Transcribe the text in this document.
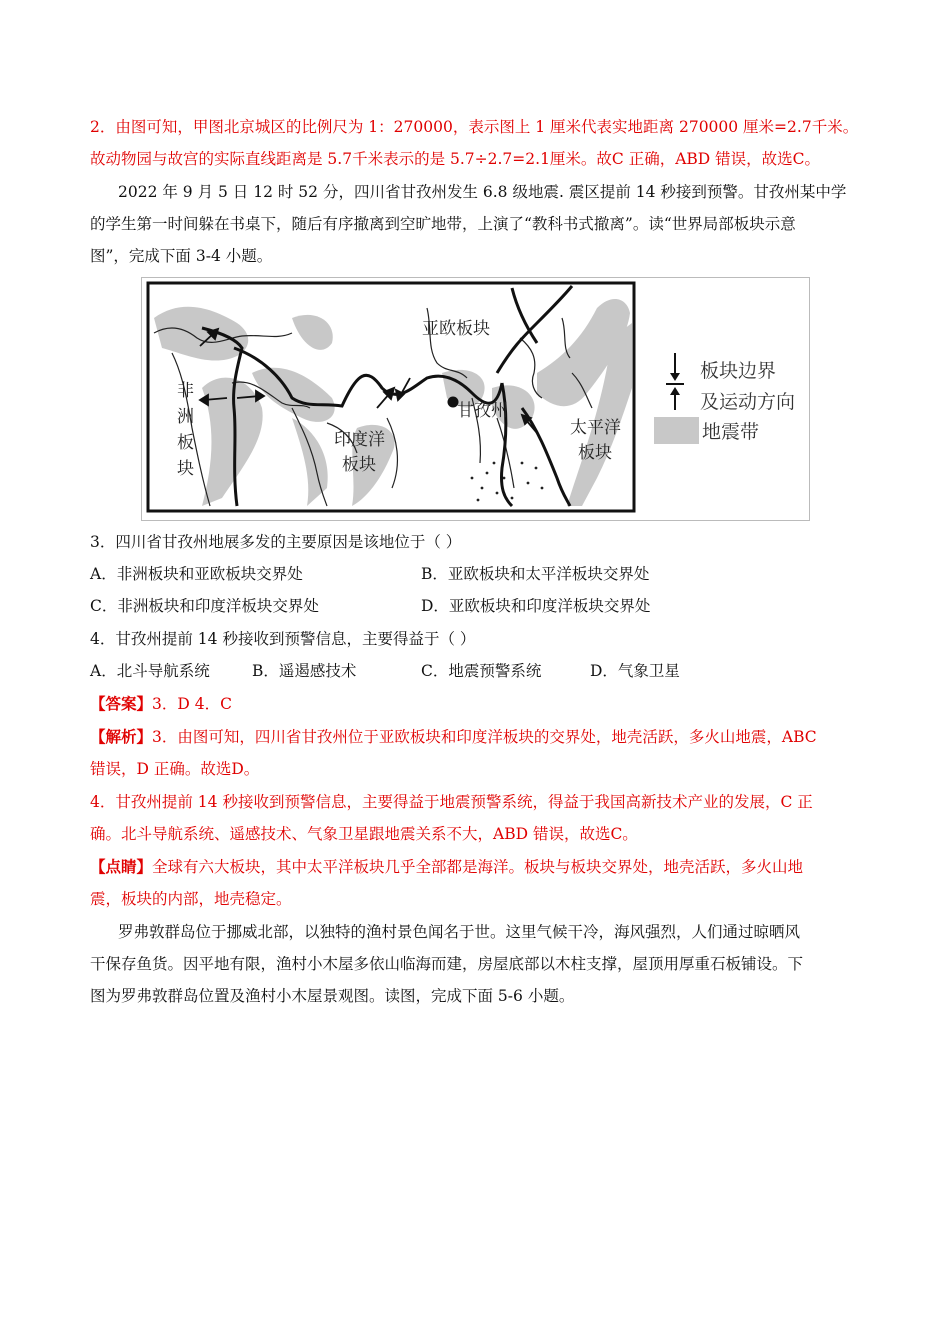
2．由图可知，甲图北京城区的比例尺为 1：270000，表示图上 1 厘米代表实地距离 270000 厘米=2.7千米。
故动物园与故宫的实际直线距离是 5.7千米表示的是 5.7÷2.7=2.1厘米。故C 正确，ABD 错误，故选C。
2022 年 9 月 5 日 12 时 52 分，四川省甘孜州发生 6.8 级地震. 震区提前 14 秒接到预警。甘孜州某中学
的学生第一时间躲在书桌下，随后有序撤离到空旷地带，上演了“教科书式撤离”。读“世界局部板块示意
图”，完成下面 3-4 小题。
亚欧板块
非
洲
板
块
印度洋
板块
甘孜州
太平洋
板块
板块边界
及运动方向
地震带
3．四川省甘孜州地展多发的主要原因是该地位于（ ）
A．非洲板块和亚欧板块交界处	B．亚欧板块和太平洋板块交界处
C．非洲板块和印度洋板块交界处	D．亚欧板块和印度洋板块交界处
4．甘孜州提前 14 秒接收到预警信息，主要得益于（ ）
A．北斗导航系统	B．遥遏感技术	C．地震预警系统	D．气象卫星
【答案】3．D 4．C
【解析】3．由图可知，四川省甘孜州位于亚欧板块和印度洋板块的交界处，地壳活跃，多火山地震，ABC
错误，D 正确。故选D。
4．甘孜州提前 14 秒接收到预警信息，主要得益于地震预警系统，得益于我国高新技术产业的发展，C 正
确。北斗导航系统、遥感技术、气象卫星跟地震关系不大，ABD 错误，故选C。
【点睛】全球有六大板块，其中太平洋板块几乎全部都是海洋。板块与板块交界处，地壳活跃，多火山地
震，板块的内部，地壳稳定。
罗弗敦群岛位于挪威北部，以独特的渔村景色闻名于世。这里气候干冷，海风强烈，人们通过晾晒风
干保存鱼货。因平地有限，渔村小木屋多依山临海而建，房屋底部以木柱支撑，屋顶用厚重石板铺设。下
图为罗弗敦群岛位置及渔村小木屋景观图。读图，完成下面 5-6 小题。
